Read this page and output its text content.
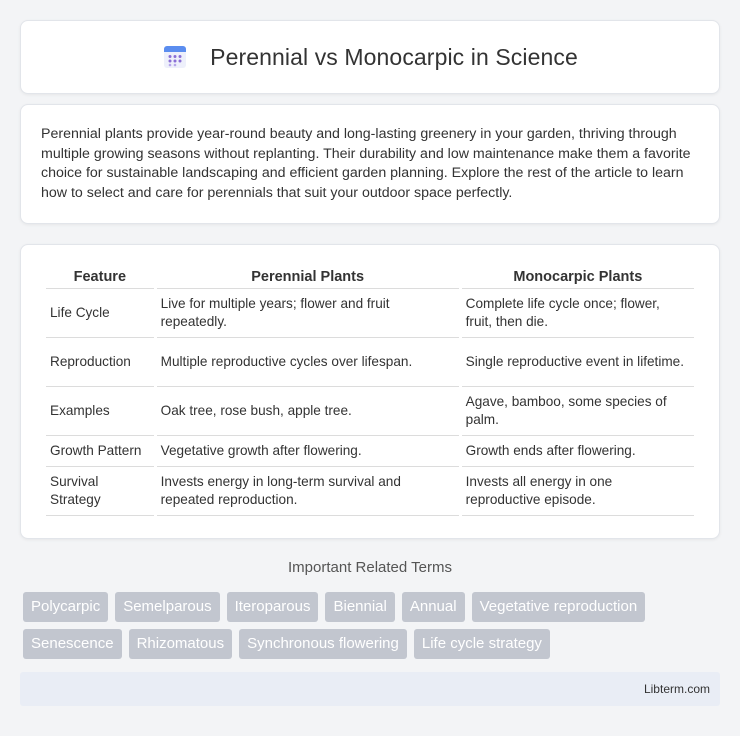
Perennial vs Monocarpic in Science

Perennial plants provide year-round beauty and long-lasting greenery in your garden, thriving through multiple growing seasons without replanting. Their durability and low maintenance make them a favorite choice for sustainable landscaping and efficient garden planning. Explore the rest of the article to learn how to select and care for perennials that suit your outdoor space perfectly.

Feature	Perennial Plants	Monocarpic Plants
Life Cycle	Live for multiple years; flower and fruit repeatedly.	Complete life cycle once; flower, fruit, then die.
Reproduction	Multiple reproductive cycles over lifespan.	Single reproductive event in lifetime.
Examples	Oak tree, rose bush, apple tree.	Agave, bamboo, some species of palm.
Growth Pattern	Vegetative growth after flowering.	Growth ends after flowering.
Survival Strategy	Invests energy in long-term survival and repeated reproduction.	Invests all energy in one reproductive episode.
Important Related Terms
Polycarpic	Semelparous	Iteroparous	Biennial	Annual	Vegetative reproduction
Senescence	Rhizomatous	Synchronous flowering	Life cycle strategy
Libterm.com
